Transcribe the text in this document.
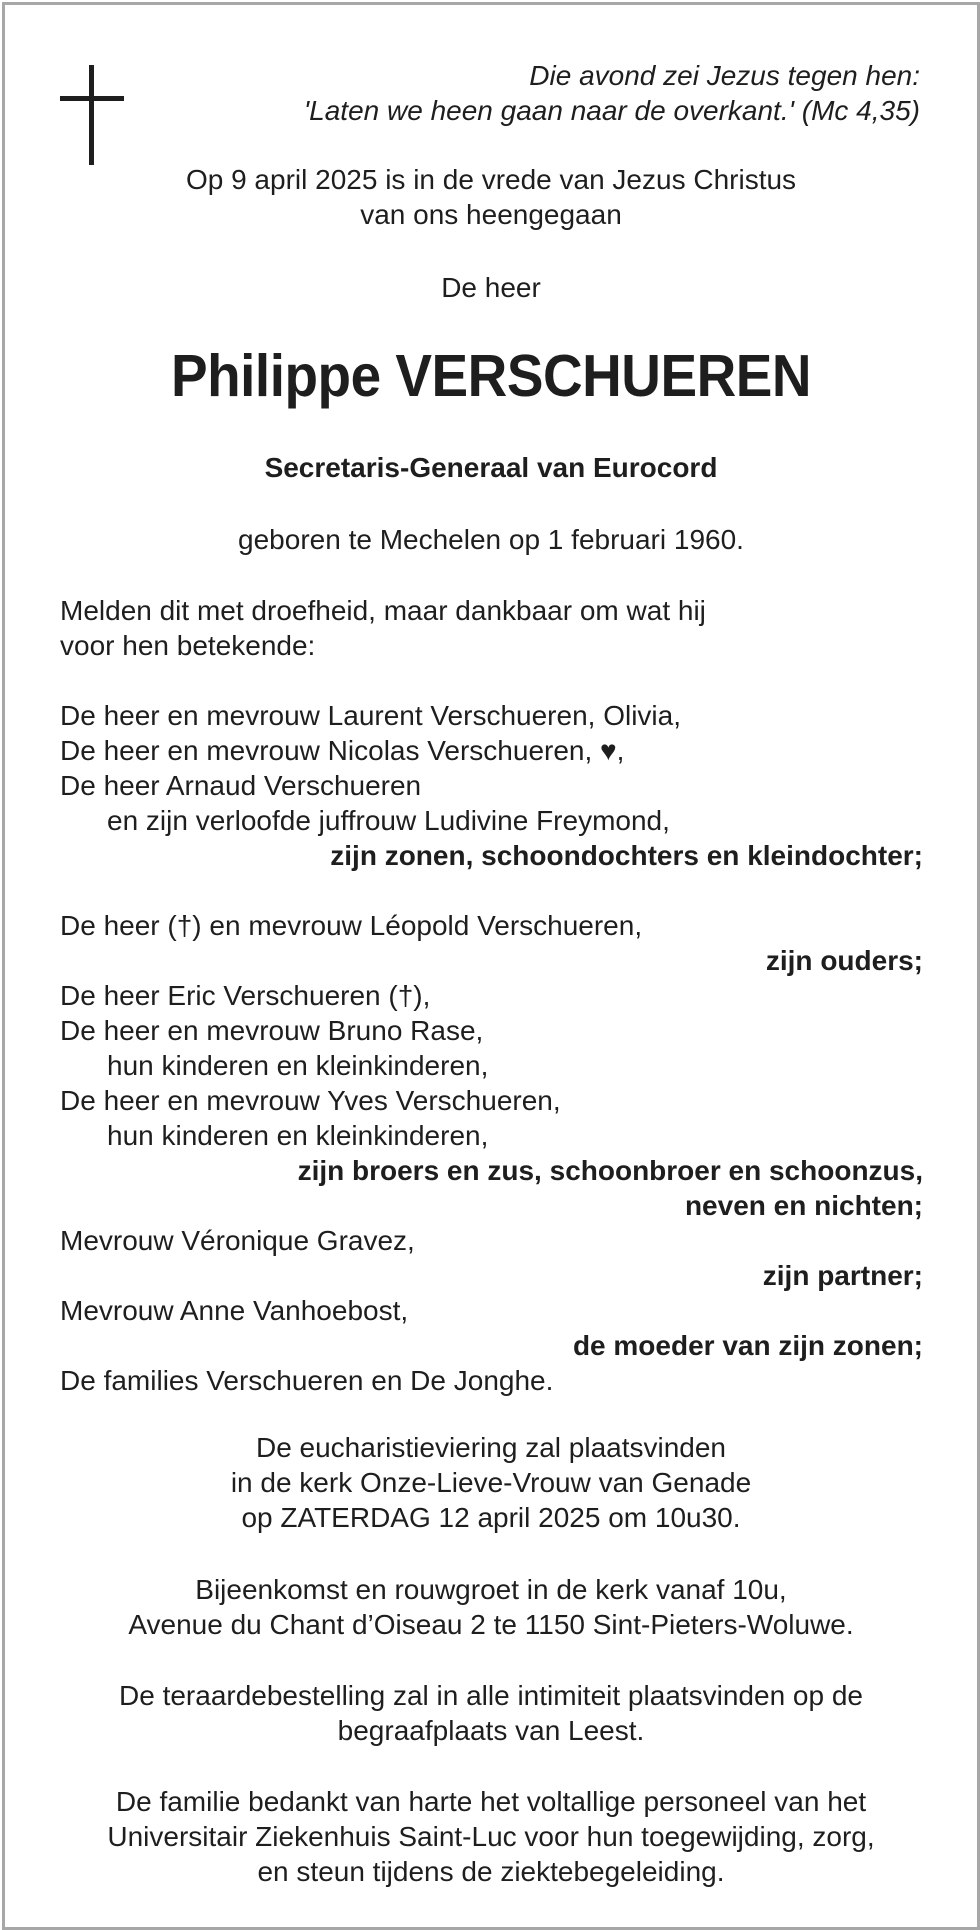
Die avond zei Jezus tegen hen:
'Laten we heen gaan naar de overkant.' (Mc 4,35)
Op 9 april 2025 is in de vrede van Jezus Christus
van ons heengegaan
De heer
Philippe VERSCHUEREN
Secretaris-Generaal van Eurocord
geboren te Mechelen op 1 februari 1960.
Melden dit met droefheid, maar dankbaar om wat hij
voor hen betekende:
De heer en mevrouw Laurent Verschueren, Olivia,
De heer en mevrouw Nicolas Verschueren, ♥,
De heer Arnaud Verschueren
en zijn verloofde juffrouw Ludivine Freymond,
zijn zonen, schoondochters en kleindochter;
De heer (†) en mevrouw Léopold Verschueren,
zijn ouders;
De heer Eric Verschueren (†),
De heer en mevrouw Bruno Rase,
hun kinderen en kleinkinderen,
De heer en mevrouw Yves Verschueren,
hun kinderen en kleinkinderen,
zijn broers en zus, schoonbroer en schoonzus,
neven en nichten;
Mevrouw Véronique Gravez,
zijn partner;
Mevrouw Anne Vanhoebost,
de moeder van zijn zonen;
De families Verschueren en De Jonghe.
De eucharistieviering zal plaatsvinden
in de kerk Onze-Lieve-Vrouw van Genade
op ZATERDAG 12 april 2025 om 10u30.
Bijeenkomst en rouwgroet in de kerk vanaf 10u,
Avenue du Chant d’Oiseau 2 te 1150 Sint-Pieters-Woluwe.
De teraardebestelling zal in alle intimiteit plaatsvinden op de
begraafplaats van Leest.
De familie bedankt van harte het voltallige personeel van het
Universitair Ziekenhuis Saint-Luc voor hun toegewijding, zorg,
en steun tijdens de ziektebegeleiding.
